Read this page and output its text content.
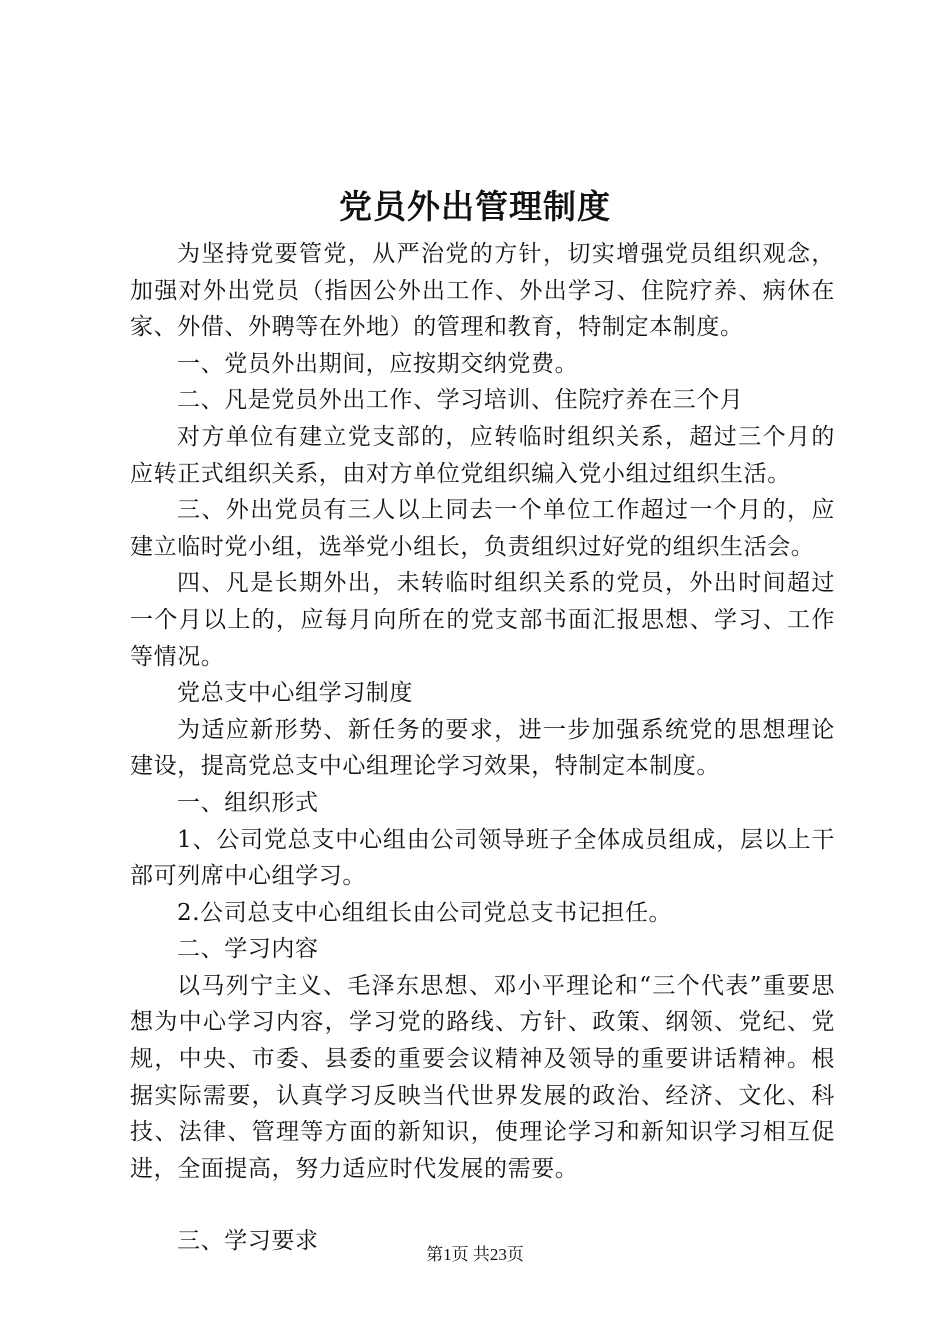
党员外出管理制度

为坚持党要管党，从严治党的方针，切实增强党员组织观念，加强对外出党员（指因公外出工作、外出学习、住院疗养、病休在家、外借、外聘等在外地）的管理和教育，特制定本制度。

一、党员外出期间，应按期交纳党费。

二、凡是党员外出工作、学习培训、住院疗养在三个月

对方单位有建立党支部的，应转临时组织关系，超过三个月的应转正式组织关系，由对方单位党组织编入党小组过组织生活。

三、外出党员有三人以上同去一个单位工作超过一个月的，应建立临时党小组，选举党小组长，负责组织过好党的组织生活会。

四、凡是长期外出，未转临时组织关系的党员，外出时间超过一个月以上的，应每月向所在的党支部书面汇报思想、学习、工作等情况。

党总支中心组学习制度

为适应新形势、新任务的要求，进一步加强系统党的思想理论建设，提高党总支中心组理论学习效果，特制定本制度。

一、组织形式

1、公司党总支中心组由公司领导班子全体成员组成，层以上干部可列席中心组学习。

2.公司总支中心组组长由公司党总支书记担任。

二、学习内容

以马列宁主义、毛泽东思想、邓小平理论和“三个代表”重要思想为中心学习内容，学习党的路线、方针、政策、纲领、党纪、党规，中央、市委、县委的重要会议精神及领导的重要讲话精神。根据实际需要，认真学习反映当代世界发展的政治、经济、文化、科技、法律、管理等方面的新知识，使理论学习和新知识学习相互促进，全面提高，努力适应时代发展的需要。

三、学习要求

第1页 共23页
